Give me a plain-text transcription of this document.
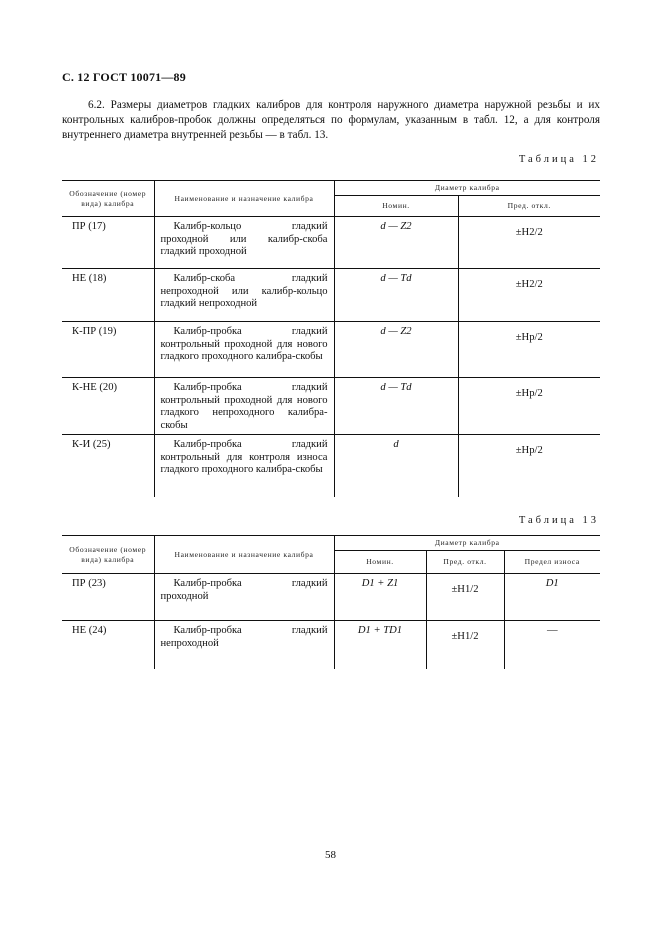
С. 12 ГОСТ 10071—89
6.2. Размеры диаметров гладких калибров для контроля наружного диаметра наружной резьбы и их контрольных калибров-пробок должны определяться по формулам, указанным в табл. 12, а для контроля внутреннего диаметра внутренней резьбы — в табл. 13.
Таблица 12
Обозначение (номер вида) калибра	Наименование и назначение калибра	Диаметр калибра	
		Номин.	Пред. откл.
ПР (17)	Калибр-кольцо гладкий проходной или калибр-скоба гладкий проходной	d — Z2	±H2/2
НЕ (18)	Калибр-скоба гладкий непроходной или калибр-кольцо гладкий непроходной	d — Td	±H2/2
К-ПР (19)	Калибр-пробка гладкий контрольный проходной для нового гладкого проходного калибра-скобы	d — Z2	±Hp/2
К-НЕ (20)	Калибр-пробка гладкий контрольный проходной для нового гладкого непроходного калибра-скобы	d — Td	±Hp/2
К-И (25)	Калибр-пробка гладкий контрольный для контроля износа гладкого проходного калибра-скобы	d	±Hp/2
Таблица 13
Обозначение (номер вида) калибра	Наименование и назначение калибра	Диаметр калибра		
		Номин.	Пред. откл.	Предел износа
ПР (23)	Калибр-пробка гладкий проходной	D1 + Z1	±H1/2	D1
НЕ (24)	Калибр-пробка гладкий непроходной	D1 + TD1	±H1/2	—
58
